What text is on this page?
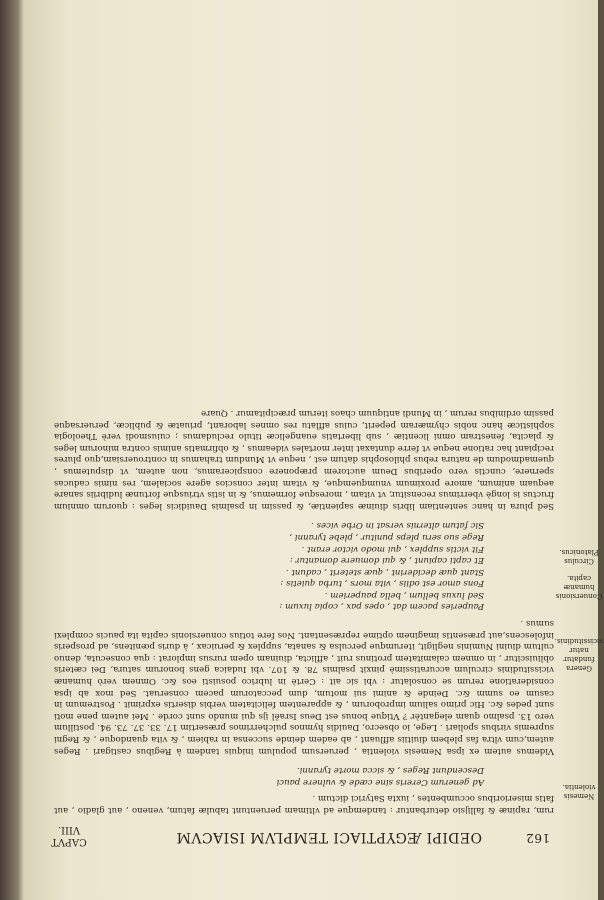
162
OEDIPI ÆGYPTIACI TEMPLVM ISIACVM
CAPVT VIII.
Nemesis violentia.
Genera fundatur natur vicissitudinis.
Conuersionis humanæ capita.
Circulus Platonicus.

rum, rapinæ & fallijsio deturbantur : tandemque ad vltimam peruentunt tabulæ fatum, veneno , aut gladio , aut fatis miserioribus occumbentes , iuxta Satyrici dictum .

Ad generum Cereris sine cæde & vulnere pauci
Descendunt Reges , & sicca morte tyranni.

Videmus autem ex ipsa Nemesis violentia , peruersum populum iniquis tandem à Regibus castigari . Reges autem,cum vltra fas plebem diuitiis affluant , ab eadem deinde succensa in rabiem , & vita quandoque , & Regni supremis viribus spoliari . Lege, io obsecro, Dauidis hymnos pulcherrimos præsertim 17. 33. 37. 73. 94. postillum vero 13. psalmo quam elegantèr ? Vtique bonus est Deus Israël ijs qui mundo sunt corde . Mei autem pene moti sunt pedes &c. Hic primo salium improborum , & apparentem felicitatem verbis disertis exprimit . Postremum in casum eo summ &c. Deinde & animi sui motum, dum peccatorum pacem conseruat. Sed mox ab ipsa consideratione rerum se consolatur : vbi sic ait : Certè in lubrico posuisti eos &c. Omnem verò humanæ vicissitudinis circulum accuratissimè pinxit psalmis 78. & 107. vbi Iudaica gens bonorum satura, Dei cæteris obliuiscitur , in omnem calamitatem protinus ruit , afflicta, diuinam opem rursus implorat : qua consecuta, denuo cultum diuini Numinis negligit, iterumque perculsa & sanata, supplex & peruicax , à duris pœnitens, ad prosperis infolescens,aut præsentis imaginem optime repræsentant. Nos fere totius conuersionis capita ita paucis complexi sumus .

Pauperies pacem dat , opes pax , copia luxum :
Sed luxus bellum , bella pauperiem .
Fons amor est odiis , vita mors , turba quietis :
Stant quæ deciderint , quæ steterit , cadunt .
Et capti capiunt , & qui domuere domantur :
Fit victis supplex , qui modo victor erant .
Rege suo seru pleps punitur , plebe tyranni ,
Sic fatum alternis versat in Orbe vices .

Sed plura in hanc sententiam libris diuinæ sapientiæ, & passim in psalmis Dauidicis leges : quorum omnium fructus is longè vberrimus recensitur, vt vitam , moresque formemus, & in istis vtriusque fortunæ ludibriis sanare aequam animum, amore proximum vnumquemque, & vitam inter conscios agere socialem, res nimis caducas spernere, cunctis vero operibus Deum auctorem præponere conspiceramus, non autem, vt disputemus , quemadmodum de natura rebus philosophis datum est , neque vt Mundum trahamus in controuersiam,quo plures recipiant hac ratione neque vt ferre duntaxat inter mortales videamus , & obfirmatis animis contra minorum leges & placita, fenestram omni licentiæ , sub libertatis euangelicæ titulo recludamus ; cuiusmodi verè Theologia sophisticæ hanc nobis chymæram peperit, cuius afflatu res omnes laborant, priuatæ & publicæ, peruersaque passim ordinibus rerum , in Mundi antiquum chaos iterum præcipitamur . Quare
